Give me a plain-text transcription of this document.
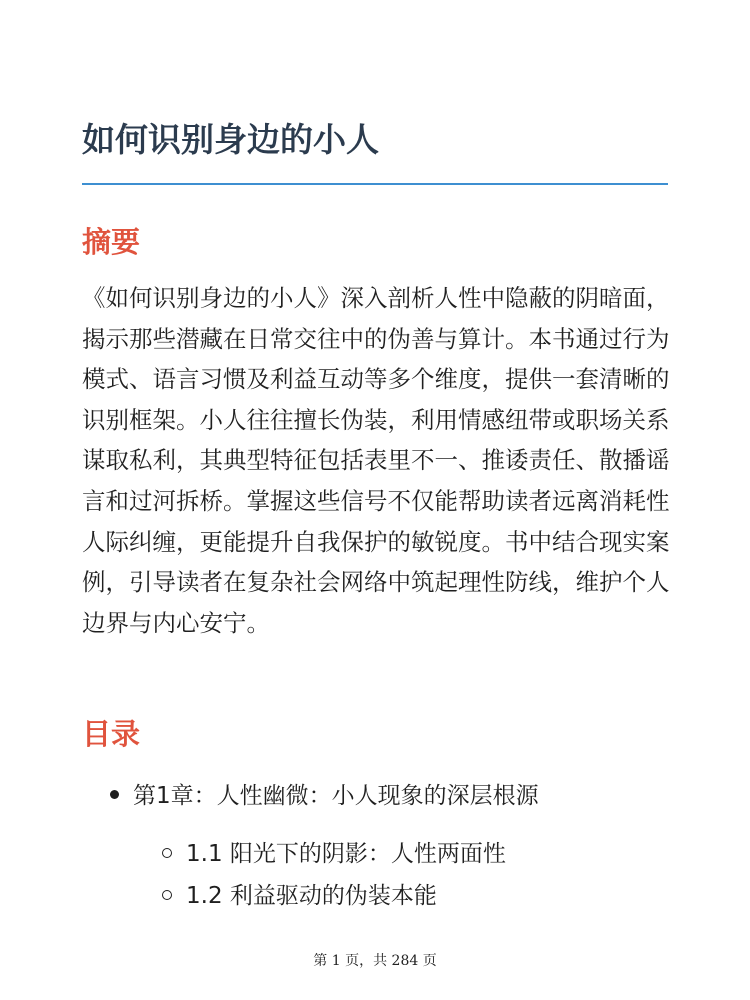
如何识别身边的小人
摘要

《如何识别身边的小人》深入剖析人性中隐蔽的阴暗面，揭示那些潜藏在日常交往中的伪善与算计。本书通过行为模式、语言习惯及利益互动等多个维度，提供一套清晰的识别框架。小人往往擅长伪装，利用情感纽带或职场关系谋取私利，其典型特征包括表里不一、推诿责任、散播谣言和过河拆桥。掌握这些信号不仅能帮助读者远离消耗性人际纠缠，更能提升自我保护的敏锐度。书中结合现实案例，引导读者在复杂社会网络中筑起理性防线，维护个人边界与内心安宁。

目录
第1章：人性幽微：小人现象的深层根源
1.1 阳光下的阴影：人性两面性
1.2 利益驱动的伪装本能
第 1 页，共 284 页
